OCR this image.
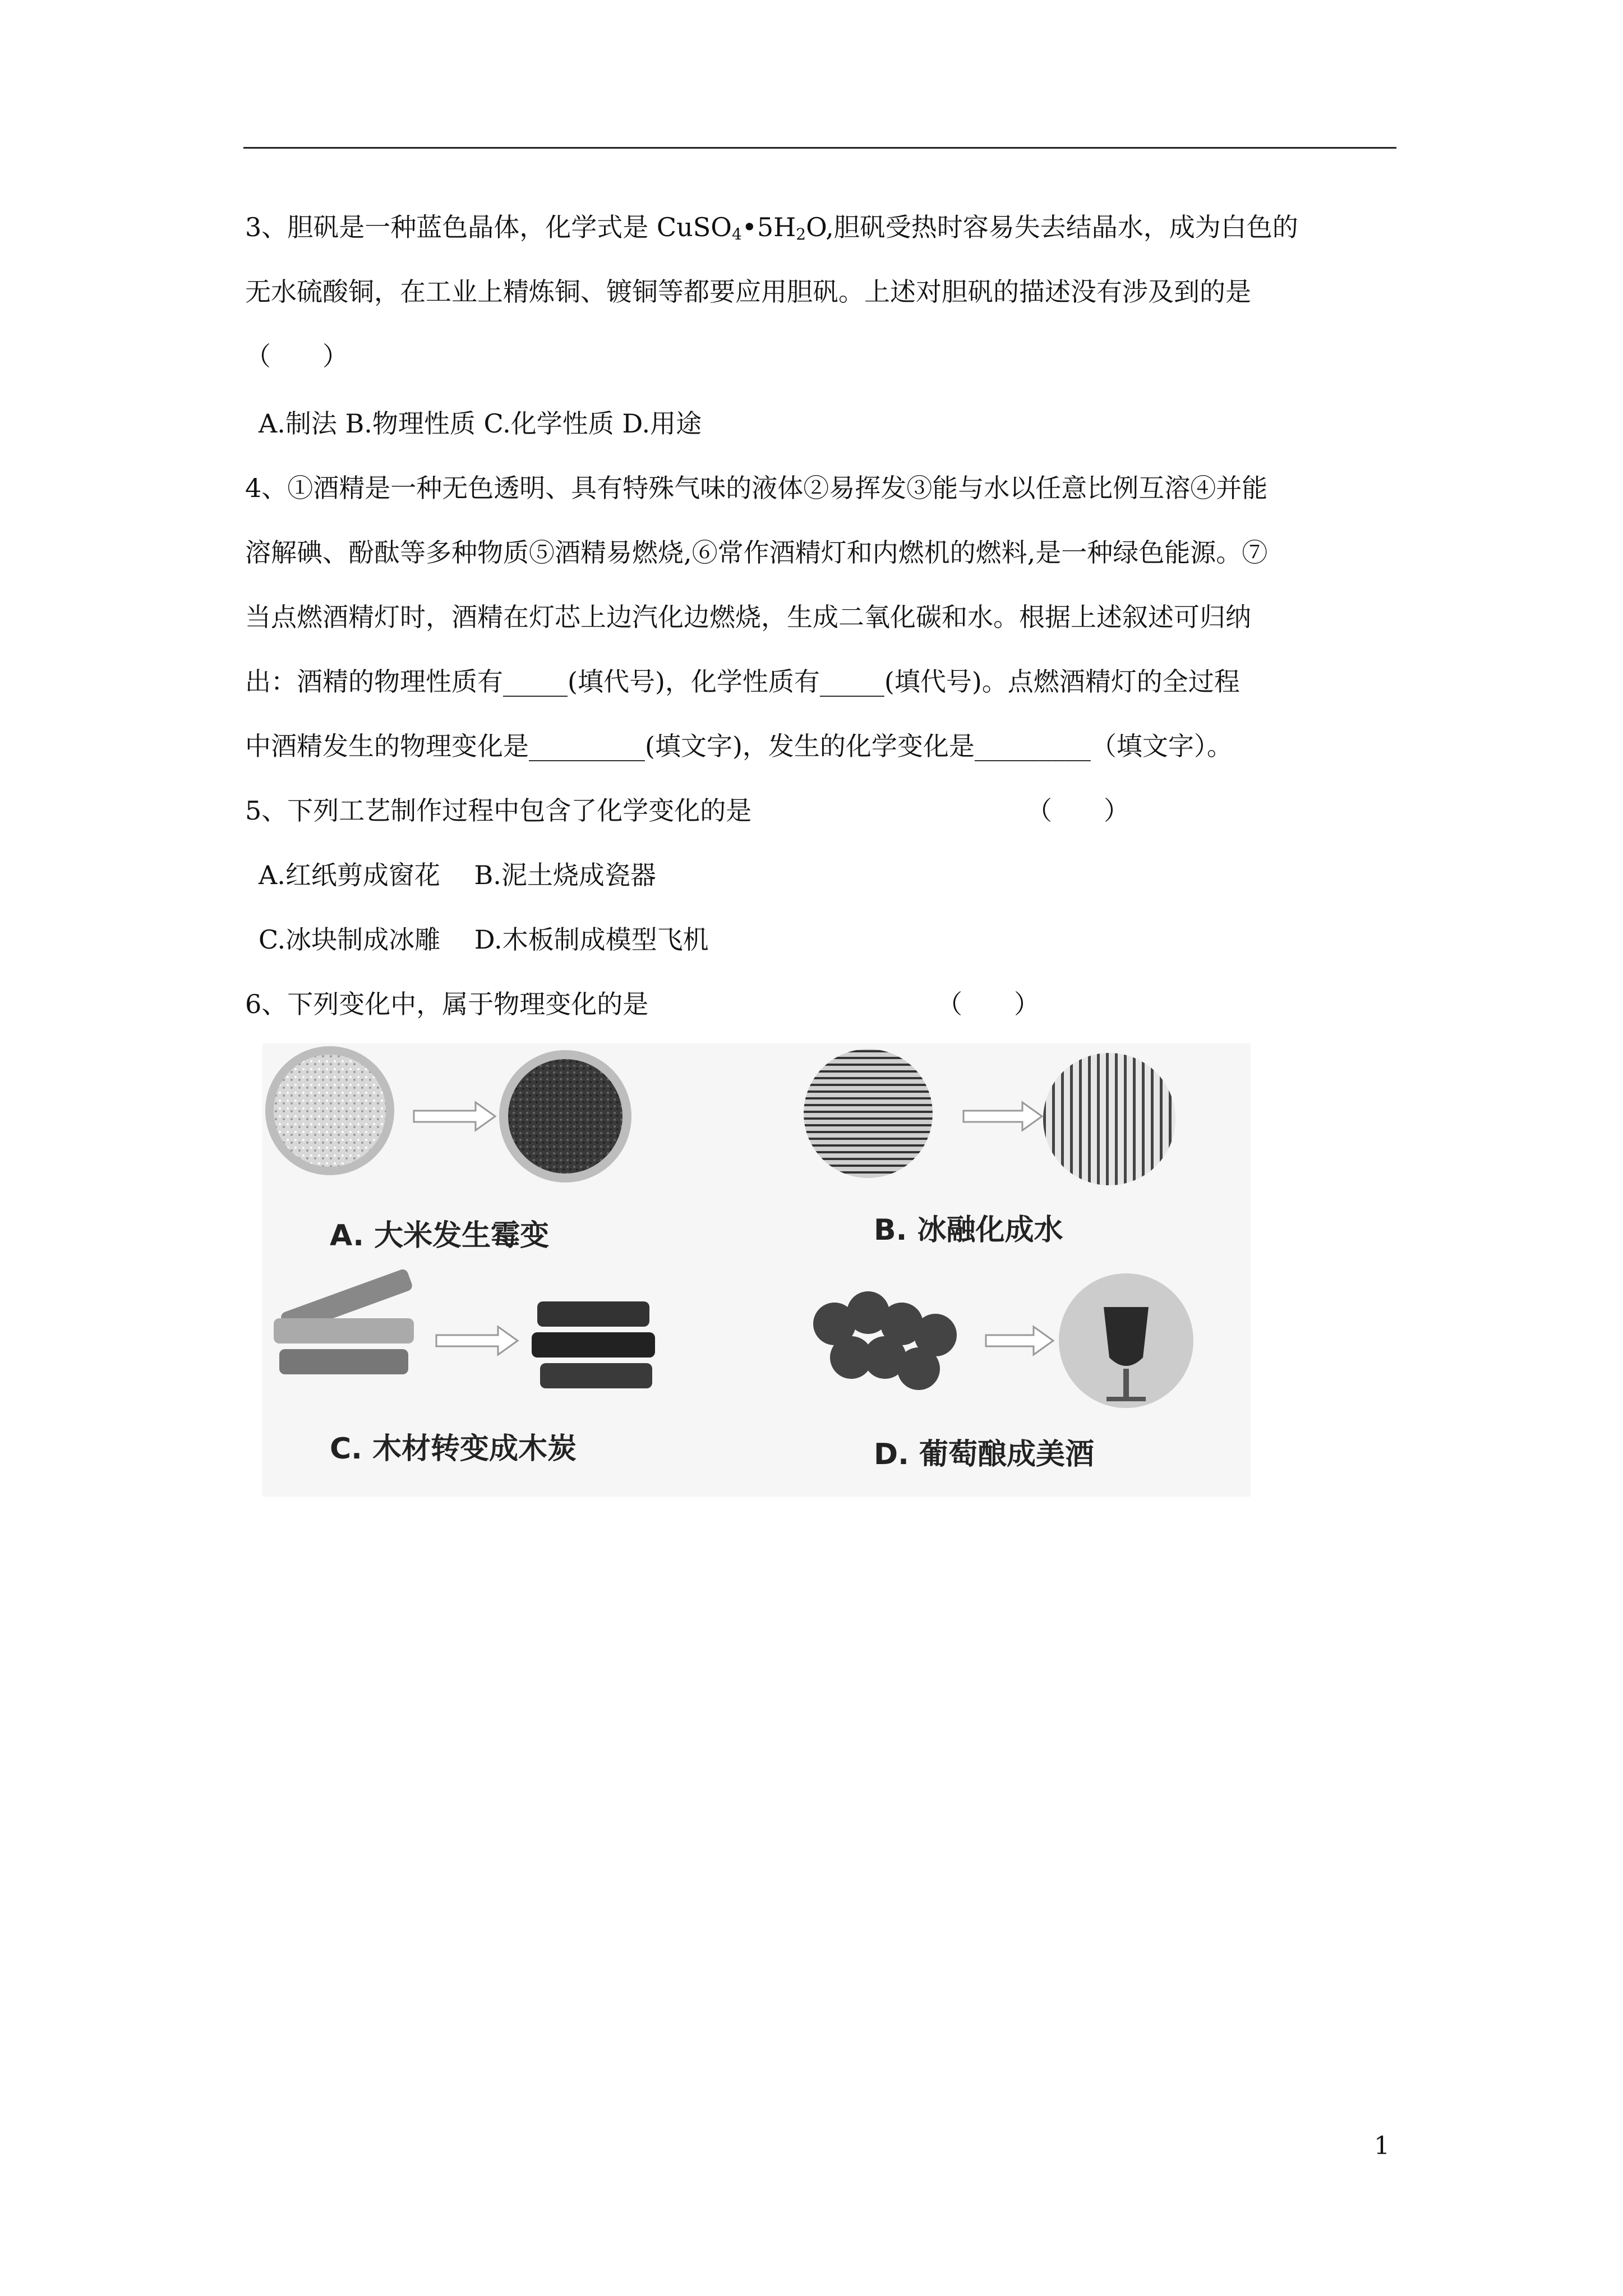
3、胆矾是一种蓝色晶体，化学式是 $CuSO_4•5H_2O$,胆矾受热时容易失去结晶水，成为白色的
无水硫酸铜，在工业上精炼铜、镀铜等都要应用胆矾。上述对胆矾的描述没有涉及到的是
（　　）
A.制法 B.物理性质 C.化学性质 D.用途
4、①酒精是一种无色透明、具有特殊气味的液体②易挥发③能与水以任意比例互溶④并能
溶解碘、酚酞等多种物质⑤酒精易燃烧,⑥常作酒精灯和内燃机的燃料,是一种绿色能源。⑦
当点燃酒精灯时，酒精在灯芯上边汽化边燃烧，生成二氧化碳和水。根据上述叙述可归纳
出：酒精的物理性质有_____(填代号)，化学性质有_____(填代号)。点燃酒精灯的全过程
中酒精发生的物理变化是_________(填文字)，发生的化学变化是_________（填文字）。
5、下列工艺制作过程中包含了化学变化的是	（　　）
A.红纸剪成窗花　 B.泥土烧成瓷器
C.冰块制成冰雕　 D.木板制成模型飞机
6、下列变化中，属于物理变化的是	（　　）
A. 大米发生霉变	B. 冰融化成水
C. 木材转变成木炭	D. 葡萄酿成美酒
1
